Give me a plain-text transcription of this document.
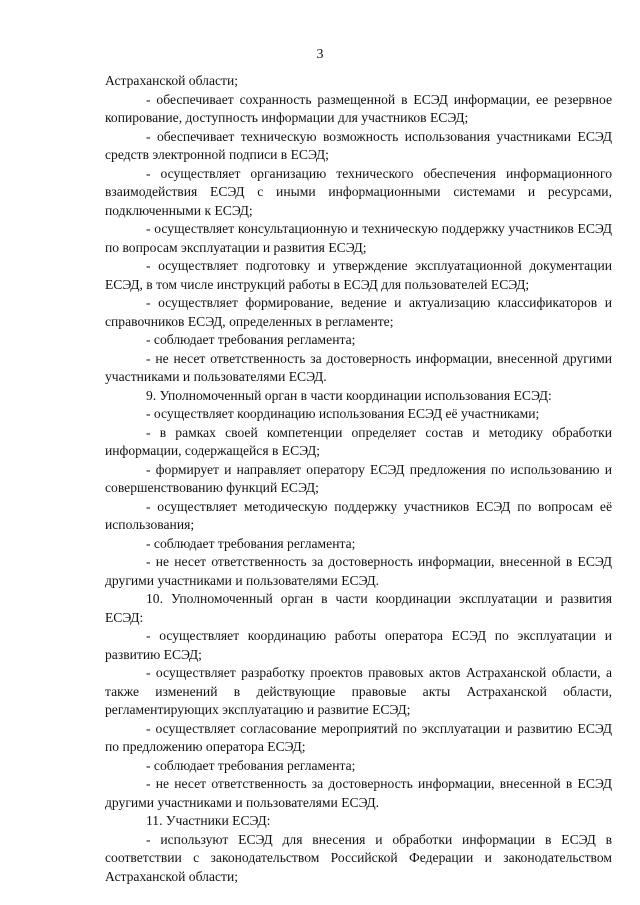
3

Астраханской области;

- обеспечивает сохранность размещенной в ЕСЭД информации, ее резервное копирование, доступность информации для участников ЕСЭД;

- обеспечивает техническую возможность использования участниками ЕСЭД средств электронной подписи в ЕСЭД;

- осуществляет организацию технического обеспечения информационного взаимодействия ЕСЭД с иными информационными системами и ресурсами, подключенными к ЕСЭД;

- осуществляет консультационную и техническую поддержку участников ЕСЭД по вопросам эксплуатации и развития ЕСЭД;

- осуществляет подготовку и утверждение эксплуатационной документации ЕСЭД, в том числе инструкций работы в ЕСЭД для пользователей ЕСЭД;

- осуществляет формирование, ведение и актуализацию классификаторов и справочников ЕСЭД, определенных в регламенте;

- соблюдает требования регламента;

- не несет ответственность за достоверность информации, внесенной другими участниками и пользователями ЕСЭД.

9. Уполномоченный орган в части координации использования ЕСЭД:

- осуществляет координацию использования ЕСЭД её участниками;

- в рамках своей компетенции определяет состав и методику обработки информации, содержащейся в ЕСЭД;

- формирует и направляет оператору ЕСЭД предложения по использованию и совершенствованию функций ЕСЭД;

- осуществляет методическую поддержку участников ЕСЭД по вопросам её использования;

- соблюдает требования регламента;

- не несет ответственность за достоверность информации, внесенной в ЕСЭД другими участниками и пользователями ЕСЭД.

10. Уполномоченный орган в части координации эксплуатации и развития ЕСЭД:

- осуществляет координацию работы оператора ЕСЭД по эксплуатации и развитию ЕСЭД;

- осуществляет разработку проектов правовых актов Астраханской области, а также изменений в действующие правовые акты Астраханской области, регламентирующих эксплуатацию и развитие ЕСЭД;

- осуществляет согласование мероприятий по эксплуатации и развитию ЕСЭД по предложению оператора ЕСЭД;

- соблюдает требования регламента;

- не несет ответственность за достоверность информации, внесенной в ЕСЭД другими участниками и пользователями ЕСЭД.

11. Участники ЕСЭД:

- используют ЕСЭД для внесения и обработки информации в ЕСЭД в соответствии с законодательством Российской Федерации и законодательством Астраханской области;
